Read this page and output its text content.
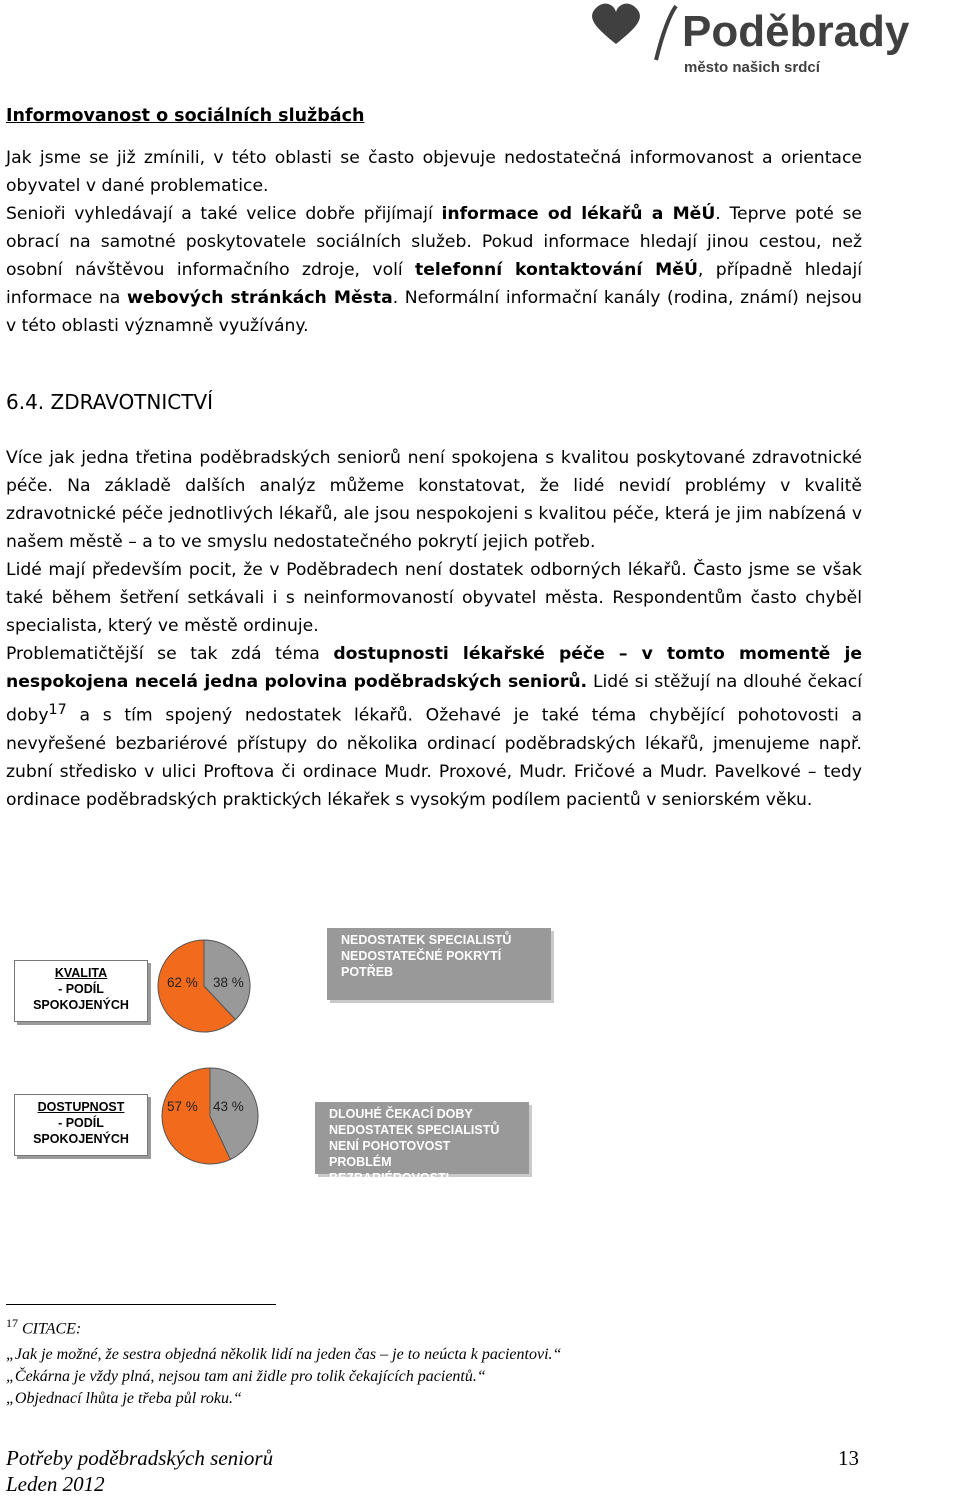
Poděbrady
město našich srdcí
Informovanost o sociálních službách
Jak jsme se již zmínili, v této oblasti se často objevuje nedostatečná informovanost a orientace obyvatel v dané problematice.
Senioři vyhledávají a také velice dobře přijímají informace od lékařů a MěÚ. Teprve poté se obrací na samotné poskytovatele sociálních služeb. Pokud informace hledají jinou cestou, než osobní návštěvou informačního zdroje, volí telefonní kontaktování MěÚ, případně hledají informace na webových stránkách Města. Neformální informační kanály (rodina, známí) nejsou v této oblasti významně využívány.
6.4. ZDRAVOTNICTVÍ
Více jak jedna třetina poděbradských seniorů není spokojena s kvalitou poskytované zdravotnické péče. Na základě dalších analýz můžeme konstatovat, že lidé nevidí problémy v kvalitě zdravotnické péče jednotlivých lékařů, ale jsou nespokojeni s kvalitou péče, která je jim nabízená v našem městě – a to ve smyslu nedostatečného pokrytí jejich potřeb.
Lidé mají především pocit, že v Poděbradech není dostatek odborných lékařů. Často jsme se však také během šetření setkávali i s neinformovaností obyvatel města. Respondentům často chyběl specialista, který ve městě ordinuje.
Problematičtější se tak zdá téma dostupnosti lékařské péče – v tomto momentě je nespokojena necelá jedna polovina poděbradských seniorů. Lidé si stěžují na dlouhé čekací doby$^{17}$ a s tím spojený nedostatek lékařů. Ožehavé je také téma chybějící pohotovosti a nevyřešené bezbariérové přístupy do několika ordinací poděbradských lékařů, jmenujeme např. zubní středisko v ulici Proftova či ordinace Mudr. Proxové, Mudr. Fričové a Mudr. Pavelkové – tedy ordinace poděbradských praktických lékařek s vysokým podílem pacientů v seniorském věku.
KVALITA
- PODÍL
SPOKOJENÝCH
62 % 38 %
NEDOSTATEK SPECIALISTŮ
NEDOSTATEČNÉ POKRYTÍ
POTŘEB
DOSTUPNOST
- PODÍL
SPOKOJENÝCH
57 % 43 %	DLOUHÉ ČEKACÍ DOBY
NEDOSTATEK SPECIALISTŮ
NENÍ POHOTOVOST
PROBLÉM BEZBARIÉROVOSTI
$^{17}$ CITACE:
„Jak je možné, že sestra objedná několik lidí na jeden čas – je to neúcta k pacientovi.“
„Čekárna je vždy plná, nejsou tam ani židle pro tolik čekajících pacientů.“
„Objednací lhůta je třeba půl roku.“
Potřeby poděbradských seniorů
Leden 2012
13
